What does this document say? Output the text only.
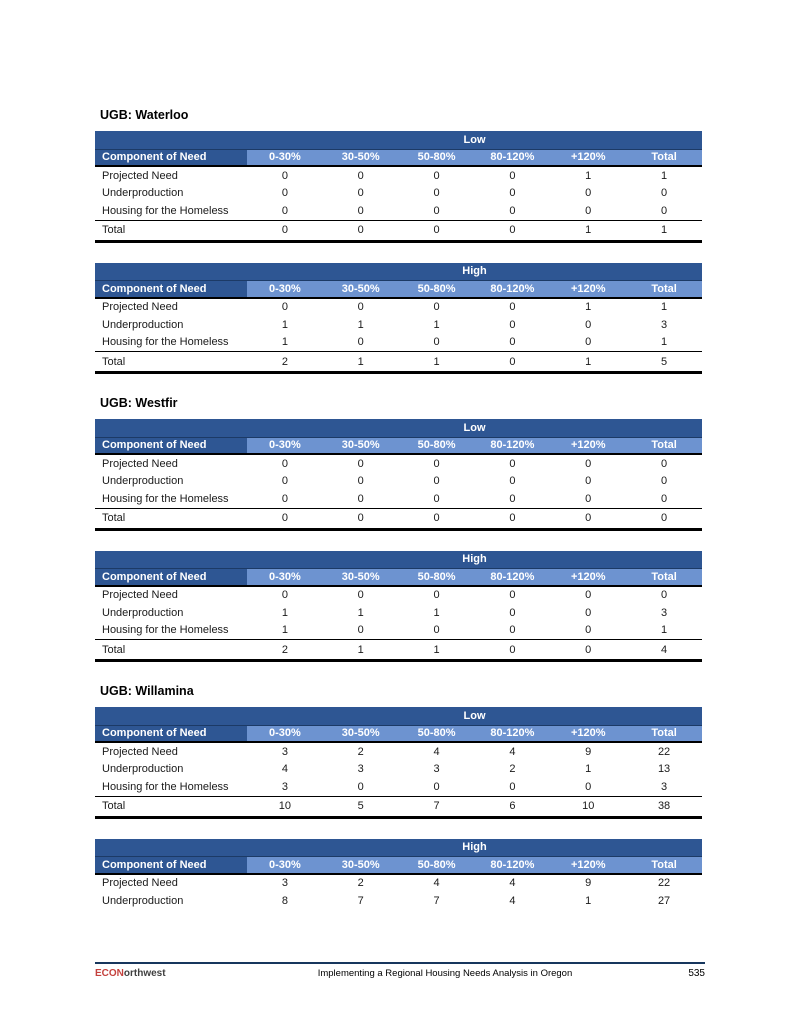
UGB: Waterloo
	Low					
Component of Need	0-30%	30-50%	50-80%	80-120%	+120%	Total
Projected Need	0	0	0	0	1	1
Underproduction	0	0	0	0	0	0
Housing for the Homeless	0	0	0	0	0	0
Total	0	0	0	0	1	1
	High					
Component of Need	0-30%	30-50%	50-80%	80-120%	+120%	Total
Projected Need	0	0	0	0	1	1
Underproduction	1	1	1	0	0	3
Housing for the Homeless	1	0	0	0	0	1
Total	2	1	1	0	1	5
UGB: Westfir
	Low					
Component of Need	0-30%	30-50%	50-80%	80-120%	+120%	Total
Projected Need	0	0	0	0	0	0
Underproduction	0	0	0	0	0	0
Housing for the Homeless	0	0	0	0	0	0
Total	0	0	0	0	0	0
	High					
Component of Need	0-30%	30-50%	50-80%	80-120%	+120%	Total
Projected Need	0	0	0	0	0	0
Underproduction	1	1	1	0	0	3
Housing for the Homeless	1	0	0	0	0	1
Total	2	1	1	0	0	4
UGB: Willamina
	Low					
Component of Need	0-30%	30-50%	50-80%	80-120%	+120%	Total
Projected Need	3	2	4	4	9	22
Underproduction	4	3	3	2	1	13
Housing for the Homeless	3	0	0	0	0	3
Total	10	5	7	6	10	38
	High					
Component of Need	0-30%	30-50%	50-80%	80-120%	+120%	Total
Projected Need	3	2	4	4	9	22
Underproduction	8	7	7	4	1	27
ECONorthwest	Implementing a Regional Housing Needs Analysis in Oregon	535
